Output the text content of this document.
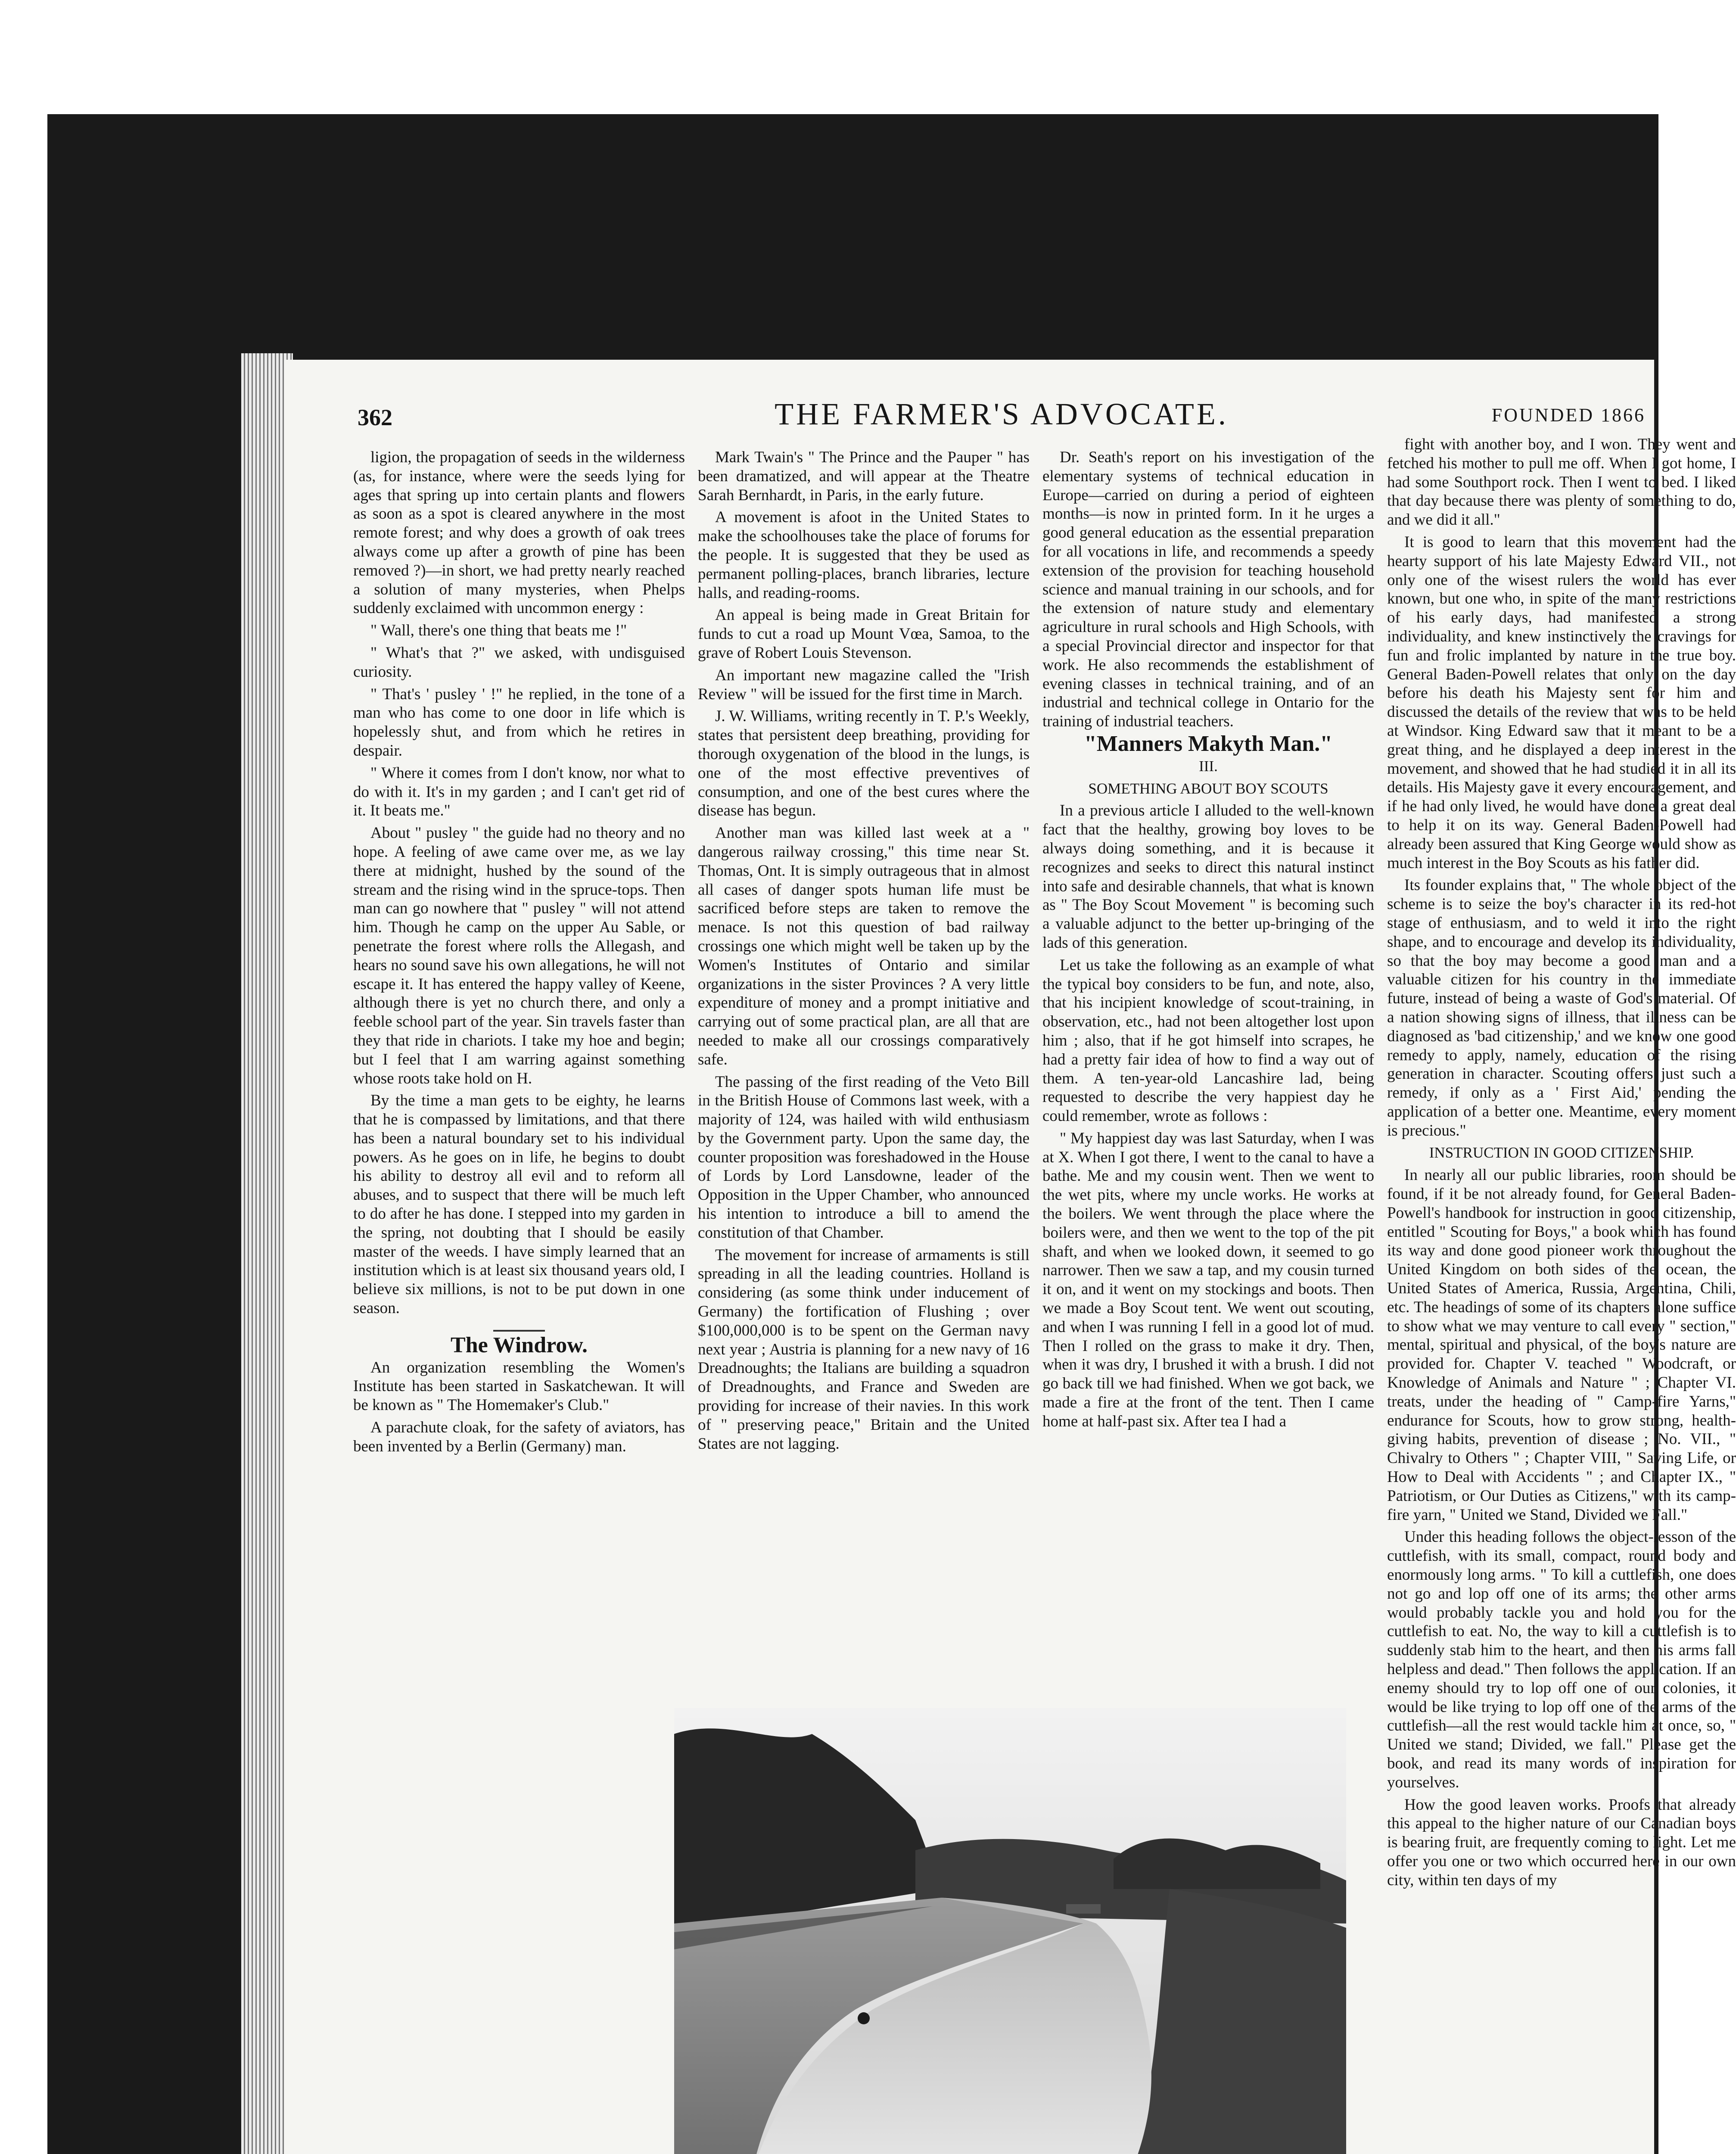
362	THE FARMER'S ADVOCATE.	FOUNDED 1866

ligion, the propagation of seeds in the wilderness (as, for instance, where were the seeds lying for ages that spring up into certain plants and flowers as soon as a spot is cleared anywhere in the most remote forest; and why does a growth of oak trees always come up after a growth of pine has been removed ?)—in short, we had pretty nearly reached a solution of many mysteries, when Phelps suddenly exclaimed with uncommon energy :

" Wall, there's one thing that beats me !"

" What's that ?" we asked, with undisguised curiosity.

" That's ' pusley ' !" he replied, in the tone of a man who has come to one door in life which is hopelessly shut, and from which he retires in despair.

" Where it comes from I don't know, nor what to do with it. It's in my garden ; and I can't get rid of it. It beats me."

About " pusley " the guide had no theory and no hope. A feeling of awe came over me, as we lay there at midnight, hushed by the sound of the stream and the rising wind in the spruce-tops. Then man can go nowhere that " pusley " will not attend him. Though he camp on the upper Au Sable, or penetrate the forest where rolls the Allegash, and hears no sound save his own allegations, he will not escape it. It has entered the happy valley of Keene, although there is yet no church there, and only a feeble school part of the year. Sin travels faster than they that ride in chariots. I take my hoe and begin; but I feel that I am warring against something whose roots take hold on H.

By the time a man gets to be eighty, he learns that he is compassed by limitations, and that there has been a natural boundary set to his individual powers. As he goes on in life, he begins to doubt his ability to destroy all evil and to reform all abuses, and to suspect that there will be much left to do after he has done. I stepped into my garden in the spring, not doubting that I should be easily master of the weeds. I have simply learned that an institution which is at least six thousand years old, I believe six millions, is not to be put down in one season.

The Windrow.

An organization resembling the Women's Institute has been started in Saskatchewan. It will be known as " The Homemaker's Club."

A parachute cloak, for the safety of aviators, has been invented by a Berlin (Germany) man.

Mark Twain's " The Prince and the Pauper " has been dramatized, and will appear at the Theatre Sarah Bernhardt, in Paris, in the early future.

A movement is afoot in the United States to make the schoolhouses take the place of forums for the people. It is suggested that they be used as permanent polling-places, branch libraries, lecture halls, and reading-rooms.

An appeal is being made in Great Britain for funds to cut a road up Mount Vœa, Samoa, to the grave of Robert Louis Stevenson.

An important new magazine called the "Irish Review " will be issued for the first time in March.

J. W. Williams, writing recently in T. P.'s Weekly, states that persistent deep breathing, providing for thorough oxygenation of the blood in the lungs, is one of the most effective preventives of consumption, and one of the best cures where the disease has begun.

Another man was killed last week at a " dangerous railway crossing," this time near St. Thomas, Ont. It is simply outrageous that in almost all cases of danger spots human life must be sacrificed before steps are taken to remove the menace. Is not this question of bad railway crossings one which might well be taken up by the Women's Institutes of Ontario and similar organizations in the sister Provinces ? A very little expenditure of money and a prompt initiative and carrying out of some practical plan, are all that are needed to make all our crossings comparatively safe.

The passing of the first reading of the Veto Bill in the British House of Commons last week, with a majority of 124, was hailed with wild enthusiasm by the Government party. Upon the same day, the counter proposition was foreshadowed in the House of Lords by Lord Lansdowne, leader of the Opposition in the Upper Chamber, who announced his intention to introduce a bill to amend the constitution of that Chamber.

The movement for increase of armaments is still spreading in all the leading countries. Holland is considering (as some think under inducement of Germany) the fortification of Flushing ; over $100,000,000 is to be spent on the German navy next year ; Austria is planning for a new navy of 16 Dreadnoughts; the Italians are building a squadron of Dreadnoughts, and France and Sweden are providing for increase of their navies. In this work of " preserving peace," Britain and the United States are not lagging.

Dr. Seath's report on his investigation of the elementary systems of technical education in Europe—carried on during a period of eighteen months—is now in printed form. In it he urges a good general education as the essential preparation for all vocations in life, and recommends a speedy extension of the provision for teaching household science and manual training in our schools, and for the extension of nature study and elementary agriculture in rural schools and High Schools, with a special Provincial director and inspector for that work. He also recommends the establishment of evening classes in technical training, and of an industrial and technical college in Ontario for the training of industrial teachers.

"Manners Makyth Man."

III.

SOMETHING ABOUT BOY SCOUTS

In a previous article I alluded to the well-known fact that the healthy, growing boy loves to be always doing something, and it is because it recognizes and seeks to direct this natural instinct into safe and desirable channels, that what is known as " The Boy Scout Movement " is becoming such a valuable adjunct to the better up-bringing of the lads of this generation.

Let us take the following as an example of what the typical boy considers to be fun, and note, also, that his incipient knowledge of scout-training, in observation, etc., had not been altogether lost upon him ; also, that if he got himself into scrapes, he had a pretty fair idea of how to find a way out of them. A ten-year-old Lancashire lad, being requested to describe the very happiest day he could remember, wrote as follows :

" My happiest day was last Saturday, when I was at X. When I got there, I went to the canal to have a bathe. Me and my cousin went. Then we went to the wet pits, where my uncle works. He works at the boilers. We went through the place where the boilers were, and then we went to the top of the pit shaft, and when we looked down, it seemed to go narrower. Then we saw a tap, and my cousin turned it on, and it went on my stockings and boots. Then we made a Boy Scout tent. We went out scouting, and when I was running I fell in a good lot of mud. Then I rolled on the grass to make it dry. Then, when it was dry, I brushed it with a brush. I did not go back till we had finished. When we got back, we made a fire at the front of the tent. Then I came home at half-past six. After tea I had a

fight with another boy, and I won. They went and fetched his mother to pull me off. When I got home, I had some Southport rock. Then I went to bed. I liked that day because there was plenty of something to do, and we did it all."

It is good to learn that this movement had the hearty support of his late Majesty Edward VII., not only one of the wisest rulers the world has ever known, but one who, in spite of the many restrictions of his early days, had manifested a strong individuality, and knew instinctively the cravings for fun and frolic implanted by nature in the true boy. General Baden-Powell relates that only on the day before his death his Majesty sent for him and discussed the details of the review that was to be held at Windsor. King Edward saw that it meant to be a great thing, and he displayed a deep interest in the movement, and showed that he had studied it in all its details. His Majesty gave it every encouragement, and if he had only lived, he would have done a great deal to help it on its way. General Baden-Powell had already been assured that King George would show as much interest in the Boy Scouts as his father did.

Its founder explains that, " The whole object of the scheme is to seize the boy's character in its red-hot stage of enthusiasm, and to weld it into the right shape, and to encourage and develop its individuality, so that the boy may become a good man and a valuable citizen for his country in the immediate future, instead of being a waste of God's material. Of a nation showing signs of illness, that illness can be diagnosed as 'bad citizenship,' and we know one good remedy to apply, namely, education of the rising generation in character. Scouting offers just such a remedy, if only as a ' First Aid,' pending the application of a better one. Meantime, every moment is precious."

INSTRUCTION IN GOOD CITIZENSHIP.

In nearly all our public libraries, room should be found, if it be not already found, for General Baden-Powell's handbook for instruction in good citizenship, entitled " Scouting for Boys," a book which has found its way and done good pioneer work throughout the United Kingdom on both sides of the ocean, the United States of America, Russia, Argentina, Chili, etc. The headings of some of its chapters alone suffice to show what we may venture to call every " section," mental, spiritual and physical, of the boy's nature are provided for. Chapter V. teached " Woodcraft, or Knowledge of Animals and Nature " ; Chapter VI. treats, under the heading of " Camp-fire Yarns," endurance for Scouts, how to grow strong, health-giving habits, prevention of disease ; No. VII., " Chivalry to Others " ; Chapter VIII, " Saving Life, or How to Deal with Accidents " ; and Chapter IX., " Patriotism, or Our Duties as Citizens," with its camp-fire yarn, " United we Stand, Divided we Fall."

Under this heading follows the object-lesson of the cuttlefish, with its small, compact, round body and enormously long arms. " To kill a cuttlefish, one does not go and lop off one of its arms; the other arms would probably tackle you and hold you for the cuttlefish to eat. No, the way to kill a cuttlefish is to suddenly stab him to the heart, and then his arms fall helpless and dead." Then follows the application. If an enemy should try to lop off one of our colonies, it would be like trying to lop off one of the arms of the cuttlefish—all the rest would tackle him at once, so, " United we stand; Divided, we fall." Please get the book, and read its many words of inspiration for yourselves.

How the good leaven works. Proofs that already this appeal to the higher nature of our Canadian boys is bearing fruit, are frequently coming to light. Let me offer you one or two which occurred here in our own city, within ten days of my
